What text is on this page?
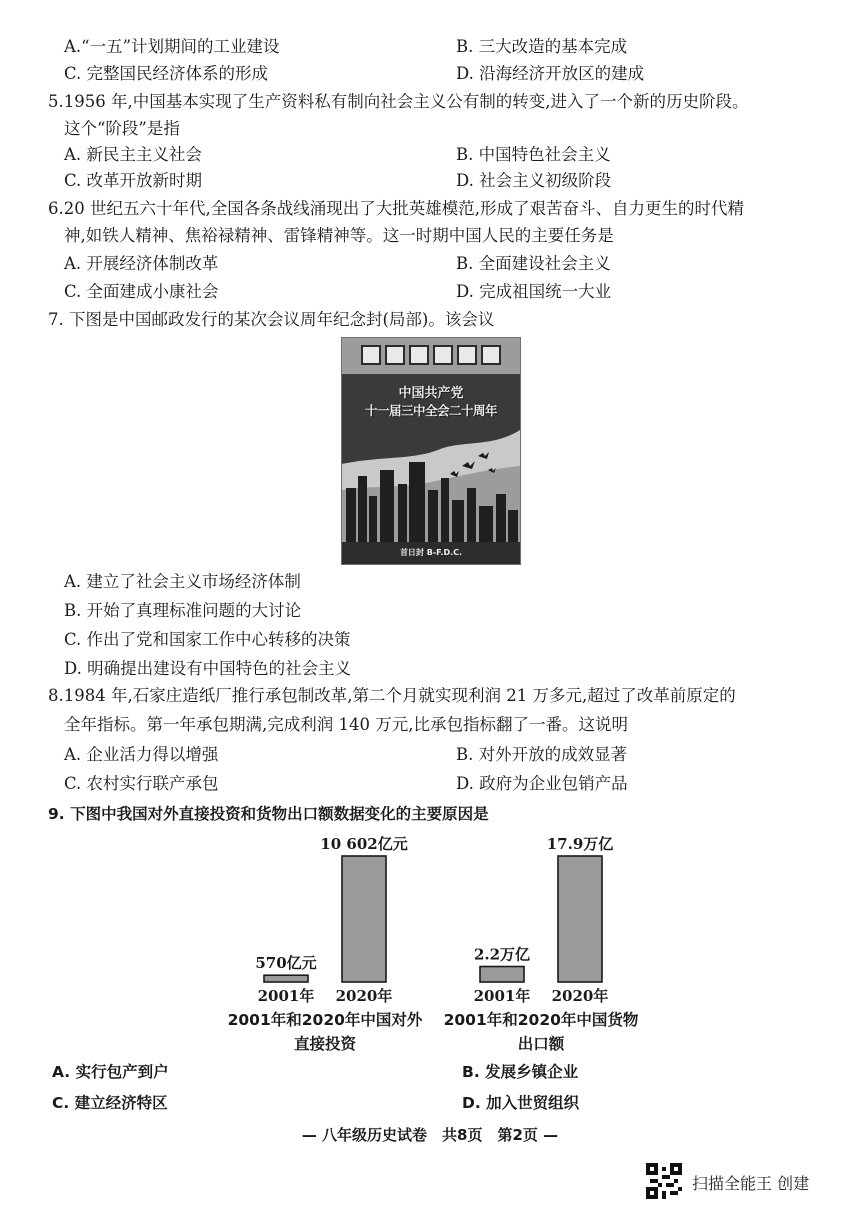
A.“一五”计划期间的工业建设	B. 三大改造的基本完成
C. 完整国民经济体系的形成	D. 沿海经济开放区的建成
5.1956 年,中国基本实现了生产资料私有制向社会主义公有制的转变,进入了一个新的历史阶段。
这个“阶段”是指
A. 新民主主义社会	B. 中国特色社会主义
C. 改革开放新时期	D. 社会主义初级阶段
6.20 世纪五六十年代,全国各条战线涌现出了大批英雄模范,形成了艰苦奋斗、自力更生的时代精
神,如铁人精神、焦裕禄精神、雷锋精神等。这一时期中国人民的主要任务是
A. 开展经济体制改革	B. 全面建设社会主义
C. 全面建成小康社会	D. 完成祖国统一大业
7. 下图是中国邮政发行的某次会议周年纪念封(局部)。该会议
中国共产党
十一届三中全会二十周年
首日封 B-F.D.C.
A. 建立了社会主义市场经济体制
B. 开始了真理标准问题的大讨论
C. 作出了党和国家工作中心转移的决策
D. 明确提出建设有中国特色的社会主义
8.1984 年,石家庄造纸厂推行承包制改革,第二个月就实现利润 21 万多元,超过了改革前原定的
全年指标。第一年承包期满,完成利润 140 万元,比承包指标翻了一番。这说明
A. 企业活力得以增强	B. 对外开放的成效显著
C. 农村实行联产承包	D. 政府为企业包销产品
9. 下图中我国对外直接投资和货物出口额数据变化的主要原因是
570亿元
2001年
10 602亿元
2020年
2001年和2020年中国对外
直接投资
2.2万亿
2001年
17.9万亿
2020年
2001年和2020年中国货物
出口额
A. 实行包产到户	B. 发展乡镇企业
C. 建立经济特区	D. 加入世贸组织
— 八年级历史试卷　共8页　第2页 —
扫描全能王 创建
